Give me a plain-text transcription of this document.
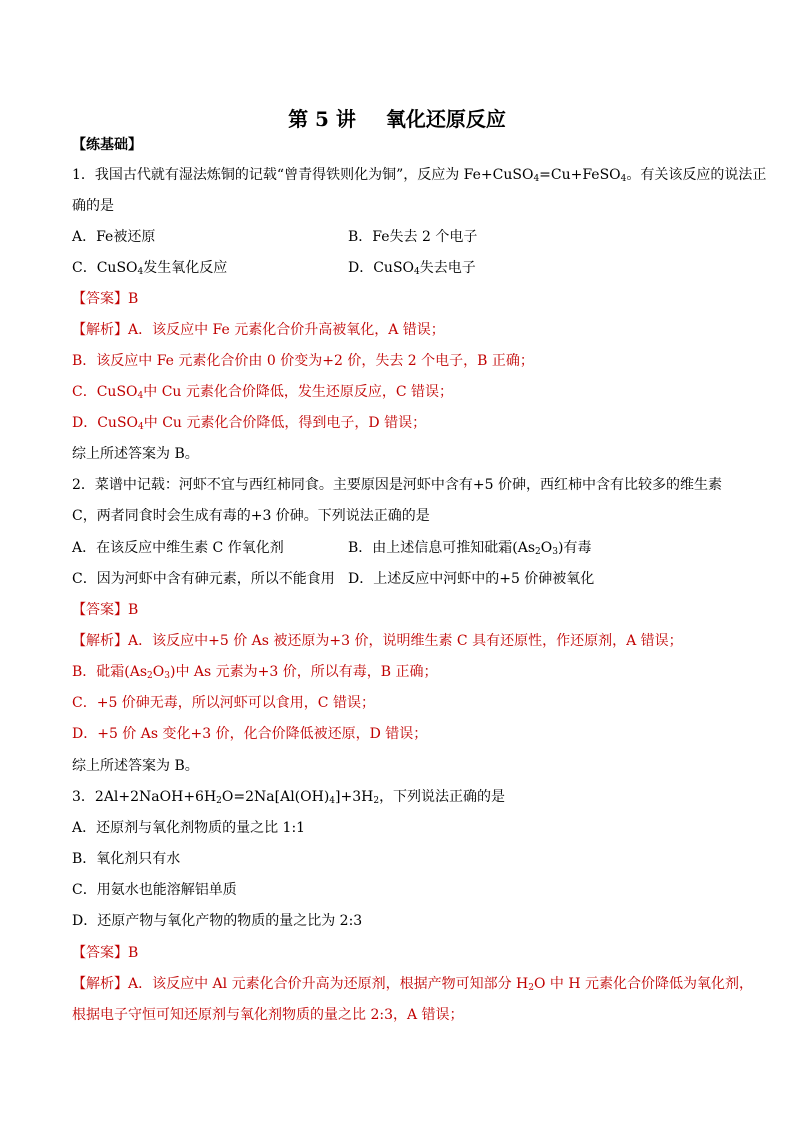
第 5 讲 氧化还原反应
【练基础】
1．我国古代就有湿法炼铜的记载“曾青得铁则化为铜”，反应为 Fe+CuSO$_4$=Cu+FeSO$_4$。有关该反应的说法正
确的是
A．Fe被还原	B．Fe失去 2 个电子
C．CuSO$_4$发生氧化反应	D．CuSO$_4$失去电子
【答案】B
【解析】A．该反应中 Fe 元素化合价升高被氧化，A 错误；
B．该反应中 Fe 元素化合价由 0 价变为+2 价，失去 2 个电子，B 正确；
C．CuSO$_4$中 Cu 元素化合价降低，发生还原反应，C 错误；
D．CuSO$_4$中 Cu 元素化合价降低，得到电子，D 错误；
综上所述答案为 B。
2．菜谱中记载：河虾不宜与西红柿同食。主要原因是河虾中含有+5 价砷，西红柿中含有比较多的维生素
C，两者同食时会生成有毒的+3 价砷。下列说法正确的是
A．在该反应中维生素 C 作氧化剂	B．由上述信息可推知砒霜$(As_2O_3)$有毒
C．因为河虾中含有砷元素，所以不能食用 D．上述反应中河虾中的+5 价砷被氧化
【答案】B
【解析】A．该反应中+5 价 As 被还原为+3 价，说明维生素 C 具有还原性，作还原剂，A 错误；
B．砒霜$(As_2O_3)$中 As 元素为+3 价，所以有毒，B 正确；
C．+5 价砷无毒，所以河虾可以食用，C 错误；
D．+5 价 As 变化+3 价，化合价降低被还原，D 错误；
综上所述答案为 B。
3．$2Al+2NaOH+6H_2O=2Na[Al(OH)_4]+3H_2$，下列说法正确的是
A．还原剂与氧化剂物质的量之比 1:1
B．氧化剂只有水
C．用氨水也能溶解铝单质
D．还原产物与氧化产物的物质的量之比为 2:3
【答案】B
【解析】A．该反应中 Al 元素化合价升高为还原剂，根据产物可知部分 $H_2O$ 中 H 元素化合价降低为氧化剂，
根据电子守恒可知还原剂与氧化剂物质的量之比 2:3，A 错误；
